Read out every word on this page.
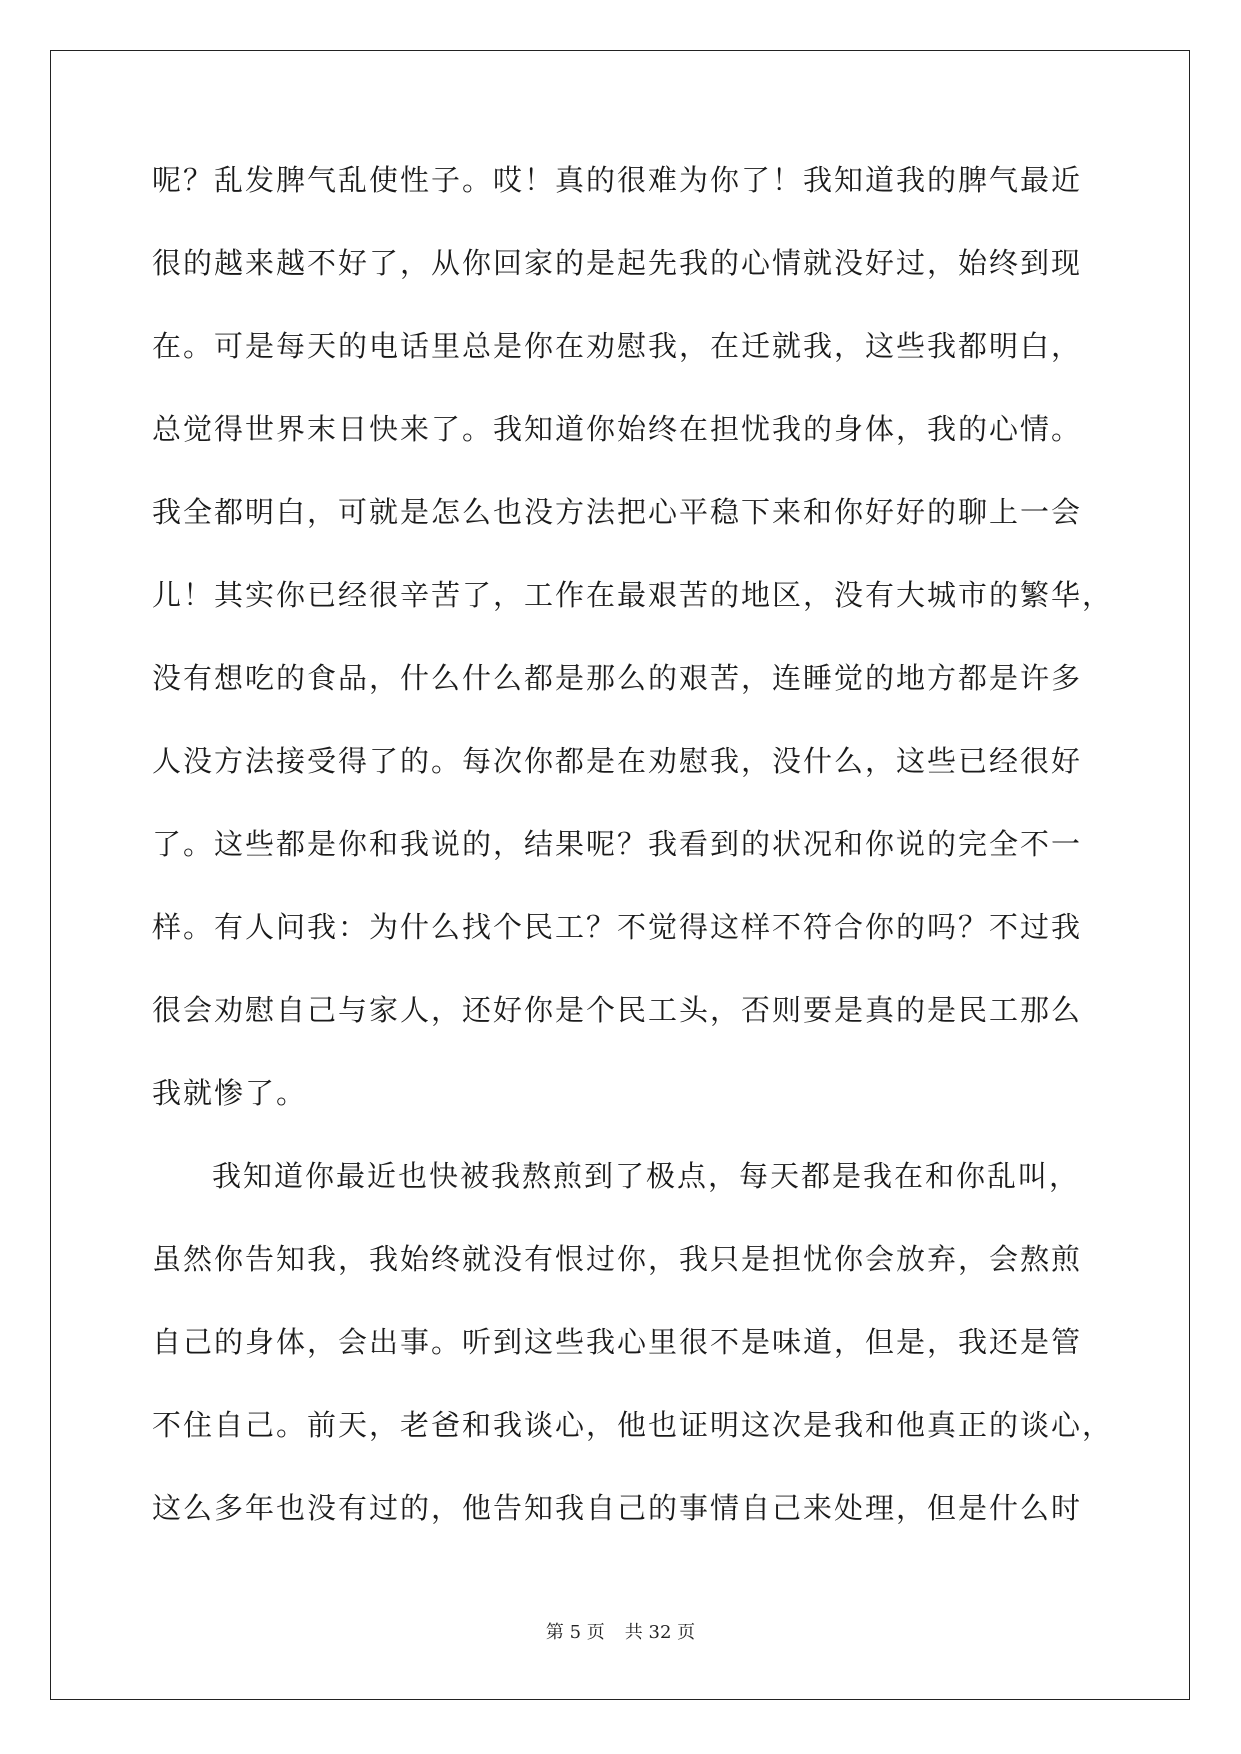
呢？乱发脾气乱使性子。哎！真的很难为你了！我知道我的脾气最近
很的越来越不好了，从你回家的是起先我的心情就没好过，始终到现
在。可是每天的电话里总是你在劝慰我，在迁就我，这些我都明白，
总觉得世界末日快来了。我知道你始终在担忧我的身体，我的心情。
我全都明白，可就是怎么也没方法把心平稳下来和你好好的聊上一会
儿！其实你已经很辛苦了，工作在最艰苦的地区，没有大城市的繁华，
没有想吃的食品，什么什么都是那么的艰苦，连睡觉的地方都是许多
人没方法接受得了的。每次你都是在劝慰我，没什么，这些已经很好
了。这些都是你和我说的，结果呢？我看到的状况和你说的完全不一
样。有人问我：为什么找个民工？不觉得这样不符合你的吗？不过我
很会劝慰自己与家人，还好你是个民工头，否则要是真的是民工那么
我就惨了。
我知道你最近也快被我熬煎到了极点，每天都是我在和你乱叫，
虽然你告知我，我始终就没有恨过你，我只是担忧你会放弃，会熬煎
自己的身体，会出事。听到这些我心里很不是味道，但是，我还是管
不住自己。前天，老爸和我谈心，他也证明这次是我和他真正的谈心，
这么多年也没有过的，他告知我自己的事情自己来处理，但是什么时
第 5 页 共 32 页
